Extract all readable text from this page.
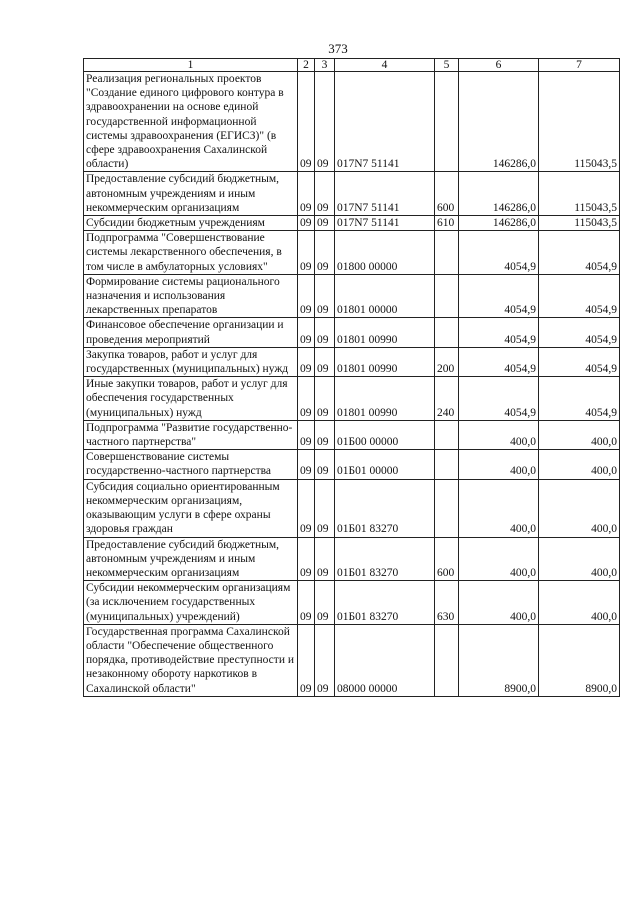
373
1	2	3	4	5	6	7
Реализация региональных проектов "Создание единого цифрового контура в здравоохранении на основе единой государственной информационной системы здравоохранения (ЕГИСЗ)" (в сфере здравоохранения Сахалинской области)	09	09	017N7 51141		146286,0	115043,5
Предоставление субсидий бюджетным, автономным учреждениям и иным некоммерческим организациям	09	09	017N7 51141	600	146286,0	115043,5
Субсидии бюджетным учреждениям	09	09	017N7 51141	610	146286,0	115043,5
Подпрограмма "Совершенствование системы лекарственного обеспечения, в том числе в амбулаторных условиях"	09	09	01800 00000		4054,9	4054,9
Формирование системы рационального назначения и использования лекарственных препаратов	09	09	01801 00000		4054,9	4054,9
Финансовое обеспечение организации и проведения мероприятий	09	09	01801 00990		4054,9	4054,9
Закупка товаров, работ и услуг для государственных (муниципальных) нужд	09	09	01801 00990	200	4054,9	4054,9
Иные закупки товаров, работ и услуг для обеспечения государственных (муниципальных) нужд	09	09	01801 00990	240	4054,9	4054,9
Подпрограмма "Развитие государственно-частного партнерства"	09	09	01Б00 00000		400,0	400,0
Совершенствование системы государственно-частного партнерства	09	09	01Б01 00000		400,0	400,0
Субсидия социально ориентированным некоммерческим организациям, оказывающим услуги в сфере охраны здоровья граждан	09	09	01Б01 83270		400,0	400,0
Предоставление субсидий бюджетным, автономным учреждениям и иным некоммерческим организациям	09	09	01Б01 83270	600	400,0	400,0
Субсидии некоммерческим организациям (за исключением государственных (муниципальных) учреждений)	09	09	01Б01 83270	630	400,0	400,0
Государственная программа Сахалинской области "Обеспечение общественного порядка, противодействие преступности и незаконному обороту наркотиков в Сахалинской области"	09	09	08000 00000		8900,0	8900,0
